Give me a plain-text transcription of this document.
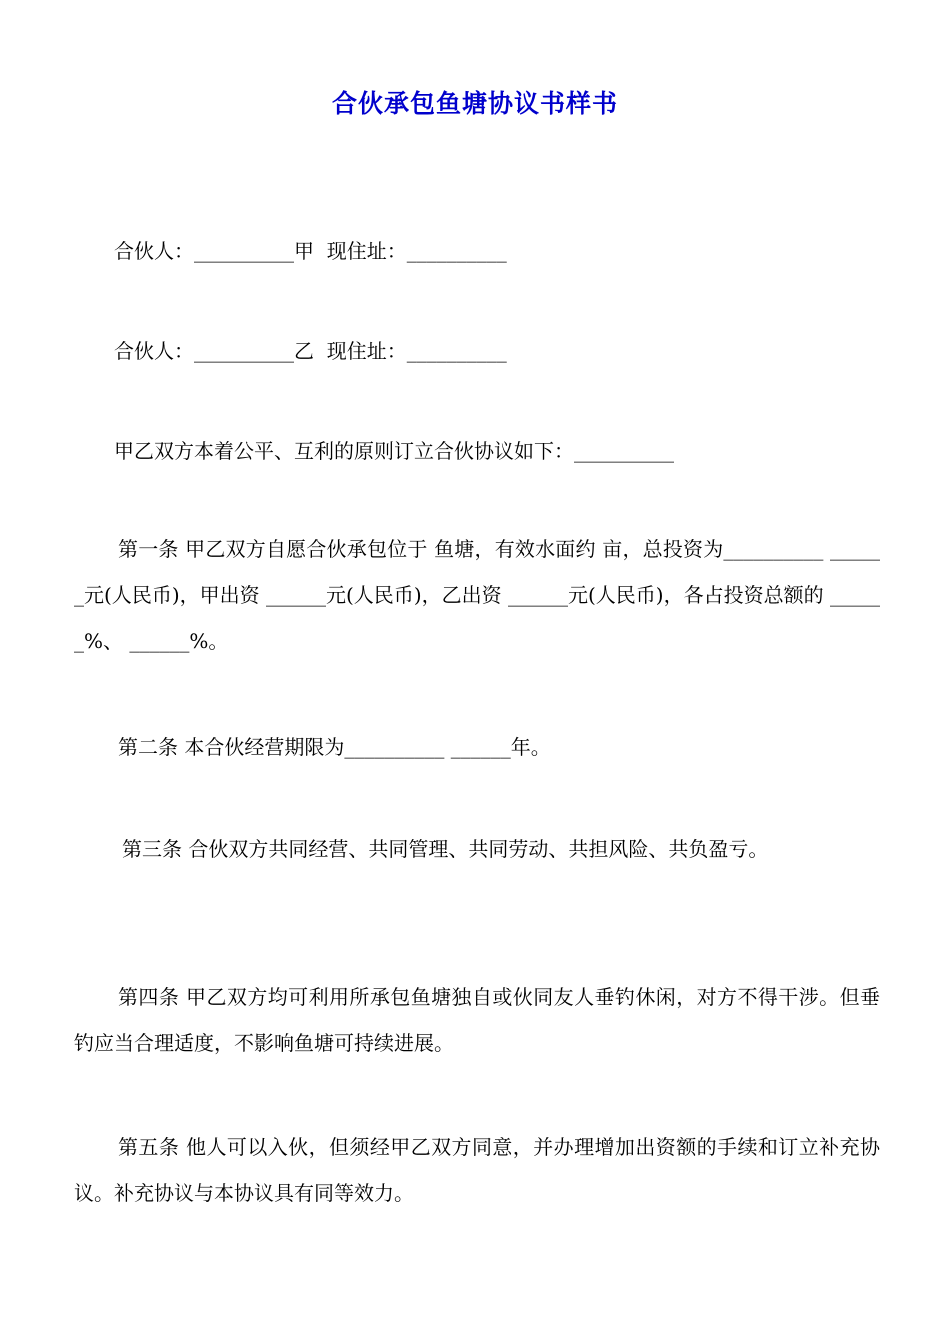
合伙承包鱼塘协议书样书
　　合伙人：__________甲  现住址：__________
　　合伙人：__________乙  现住址：__________
　　甲乙双方本着公平、互利的原则订立合伙协议如下：__________
第一条 甲乙双方自愿合伙承包位于 鱼塘，有效水面约 亩，总投资为__________ ______元(人民币)，甲出资 ______元(人民币)，乙出资 ______元(人民币)，各占投资总额的 ______%、 ______%。
第二条 本合伙经营期限为__________ ______年。
第三条 合伙双方共同经营、共同管理、共同劳动、共担风险、共负盈亏。
第四条 甲乙双方均可利用所承包鱼塘独自或伙同友人垂钓休闲，对方不得干涉。但垂钓应当合理适度，不影响鱼塘可持续进展。
第五条 他人可以入伙，但须经甲乙双方同意，并办理增加出资额的手续和订立补充协议。补充协议与本协议具有同等效力。
